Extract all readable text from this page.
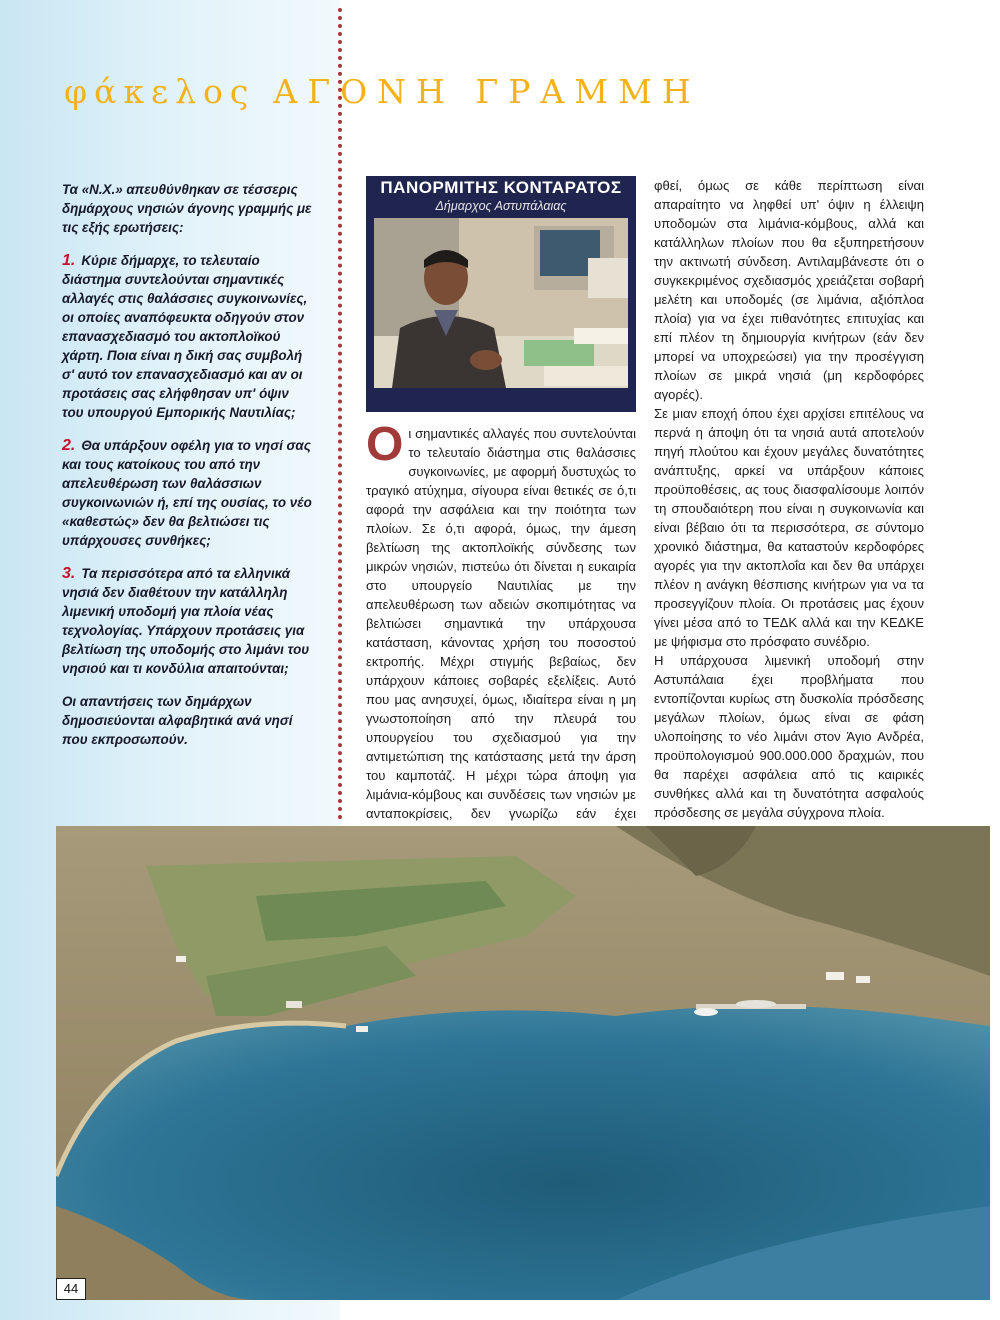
φάκελος ΑΓΟΝΗ ΓΡΑΜΜΗ

Τα «Ν.Χ.» απευθύνθηκαν σε τέσσερις δημάρχους νησιών άγονης γραμμής με τις εξής ερωτήσεις:

1. Κύριε δήμαρχε, το τελευταίο διάστημα συντελούνται σημαντικές αλλαγές στις θαλάσσιες συγκοινωνίες, οι οποίες αναπόφευκτα οδηγούν στον επανασχεδιασμό του ακτοπλοϊκού χάρτη. Ποια είναι η δική σας συμβολή σ' αυτό τον επανασχεδιασμό και αν οι προτάσεις σας ελήφθησαν υπ' όψιν του υπουργού Εμπορικής Ναυτιλίας;

2. Θα υπάρξουν οφέλη για το νησί σας και τους κατοίκους του από την απελευθέρωση των θαλάσσιων συγκοινωνιών ή, επί της ουσίας, το νέο «καθεστώς» δεν θα βελτιώσει τις υπάρχουσες συνθήκες;

3. Τα περισσότερα από τα ελληνικά νησιά δεν διαθέτουν την κατάλληλη λιμενική υποδομή για πλοία νέας τεχνολογίας. Υπάρχουν προτάσεις για βελτίωση της υποδομής στο λιμάνι του νησιού και τι κονδύλια απαιτούνται;

Οι απαντήσεις των δημάρχων δημοσιεύονται αλφαβητικά ανά νησί που εκπροσωπούν.

ΠΑΝΟΡΜΙΤΗΣ ΚΟΝΤΑΡΑΤΟΣ
Δήμαρχος Αστυπάλαιας

Οι σημαντικές αλλαγές που συντελούνται το τελευταίο διάστημα στις θαλάσσιες συγκοινωνίες, με αφορμή δυστυχώς το τραγικό ατύχημα, σίγουρα είναι θετικές σε ό,τι αφορά την ασφάλεια και την ποιότητα των πλοίων. Σε ό,τι αφορά, όμως, την άμεση βελτίωση της ακτοπλοϊκής σύνδεσης των μικρών νησιών, πιστεύω ότι δίνεται η ευκαιρία στο υπουργείο Ναυτιλίας με την απελευθέρωση των αδειών σκοπιμότητας να βελτιώσει σημαντικά την υπάρχουσα κατάσταση, κάνοντας χρήση του ποσοστού εκτροπής. Μέχρι στιγμής βεβαίως, δεν υπάρχουν κάποιες σοβαρές εξελίξεις. Αυτό που μας ανησυχεί, όμως, ιδιαίτερα είναι η μη γνωστοποίηση από την πλευρά του υπουργείου του σχεδιασμού για την αντιμετώπιση της κατάστασης μετά την άρση του καμποτάζ. Η μέχρι τώρα άποψη για λιμάνια-κόμβους και συνδέσεις των νησιών με ανταποκρίσεις, δεν γνωρίζω εάν έχει

φθεί, όμως σε κάθε περίπτωση είναι απαραίτητο να ληφθεί υπ' όψιν η έλλειψη υποδομών στα λιμάνια-κόμβους, αλλά και κατάλληλων πλοίων που θα εξυπηρετήσουν την ακτινωτή σύνδεση. Αντιλαμβάνεστε ότι ο συγκεκριμένος σχεδιασμός χρειάζεται σοβαρή μελέτη και υποδομές (σε λιμάνια, αξιόπλοα πλοία) για να έχει πιθανότητες επιτυχίας και επί πλέον τη δημιουργία κινήτρων (εάν δεν μπορεί να υποχρεώσει) για την προσέγγιση πλοίων σε μικρά νησιά (μη κερδοφόρες αγορές).

Σε μιαν εποχή όπου έχει αρχίσει επιτέλους να περνά η άποψη ότι τα νησιά αυτά αποτελούν πηγή πλούτου και έχουν μεγάλες δυνατότητες ανάπτυξης, αρκεί να υπάρξουν κάποιες προϋποθέσεις, ας τους διασφαλίσουμε λοιπόν τη σπουδαιότερη που είναι η συγκοινωνία και είναι βέβαιο ότι τα περισσότερα, σε σύντομο χρονικό διάστημα, θα καταστούν κερδοφόρες αγορές για την ακτοπλοΐα και δεν θα υπάρχει πλέον η ανάγκη θέσπισης κινήτρων για να τα προσεγγίζουν πλοία. Οι προτάσεις μας έχουν γίνει μέσα από το ΤΕΔΚ αλλά και την ΚΕΔΚΕ με ψήφισμα στο πρόσφατο συνέδριο.

Η υπάρχουσα λιμενική υποδομή στην Αστυπάλαια έχει προβλήματα που εντοπίζονται κυρίως στη δυσκολία πρόσδεσης μεγάλων πλοίων, όμως είναι σε φάση υλοποίησης το νέο λιμάνι στον Άγιο Ανδρέα, προϋπολογισμού 900.000.000 δραχμών, που θα παρέχει ασφάλεια από τις καιρικές συνθήκες αλλά και τη δυνατότητα ασφαλούς πρόσδεσης σε μεγάλα σύγχρονα πλοία.

44
